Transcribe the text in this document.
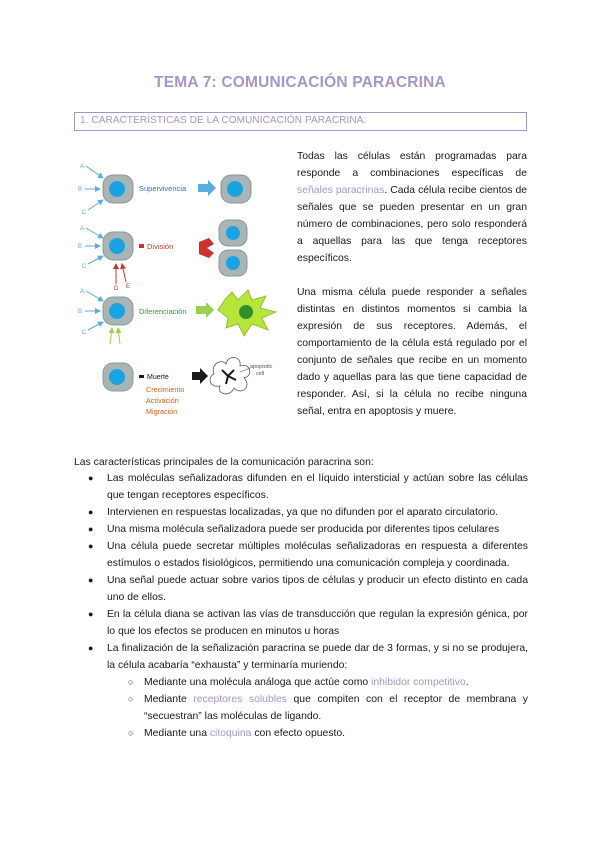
TEMA 7: COMUNICACIÓN PARACRINA
1. CARACTERÍSTICAS DE LA COMUNICACIÓN PARACRINA:
A
B
C
Supervivencia
A
B
C
D E
División
A
B
C
Diferenciación
Muerte
apoptotic
cell
Crecimiento
Activación
Migración

Todas las células están programadas para responde a combinaciones específicas de señales paracrinas. Cada célula recibe cientos de señales que se pueden presentar en un gran número de combinaciones, pero solo responderá a aquellas para las que tenga receptores específicos.

Una misma célula puede responder a señales distintas en distintos momentos si cambia la expresión de sus receptores. Además, el comportamiento de la célula está regulado por el conjunto de señales que recibe en un momento dado y aquellas para las que tiene capacidad de responder. Así, si la célula no recibe ninguna señal, entra en apoptosis y muere.

Las características principales de la comunicación paracrina son:

● Las moléculas señalizadoras difunden en el líquido intersticial y actúan sobre las células que tengan receptores específicos.
● Intervienen en respuestas localizadas, ya que no difunden por el aparato circulatorio.
● Una misma molécula señalizadora puede ser producida por diferentes tipos celulares
● Una célula puede secretar múltiples moléculas señalizadoras en respuesta a diferentes estímulos o estados fisiológicos, permitiendo una comunicación compleja y coordinada.
● Una señal puede actuar sobre varios tipos de células y producir un efecto distinto en cada uno de ellos.
● En la célula diana se activan las vías de transducción que regulan la expresión génica, por lo que los efectos se producen en minutos u horas
● La finalización de la señalización paracrina se puede dar de 3 formas, y si no se produjera, la célula acabaría “exhausta” y terminaría muriendo:
○ Mediante una molécula análoga que actúe como inhibidor competitivo.
○ Mediante receptores solubles que compiten con el receptor de membrana y “secuestran” las moléculas de ligando.
○ Mediante una citoquina con efecto opuesto.
